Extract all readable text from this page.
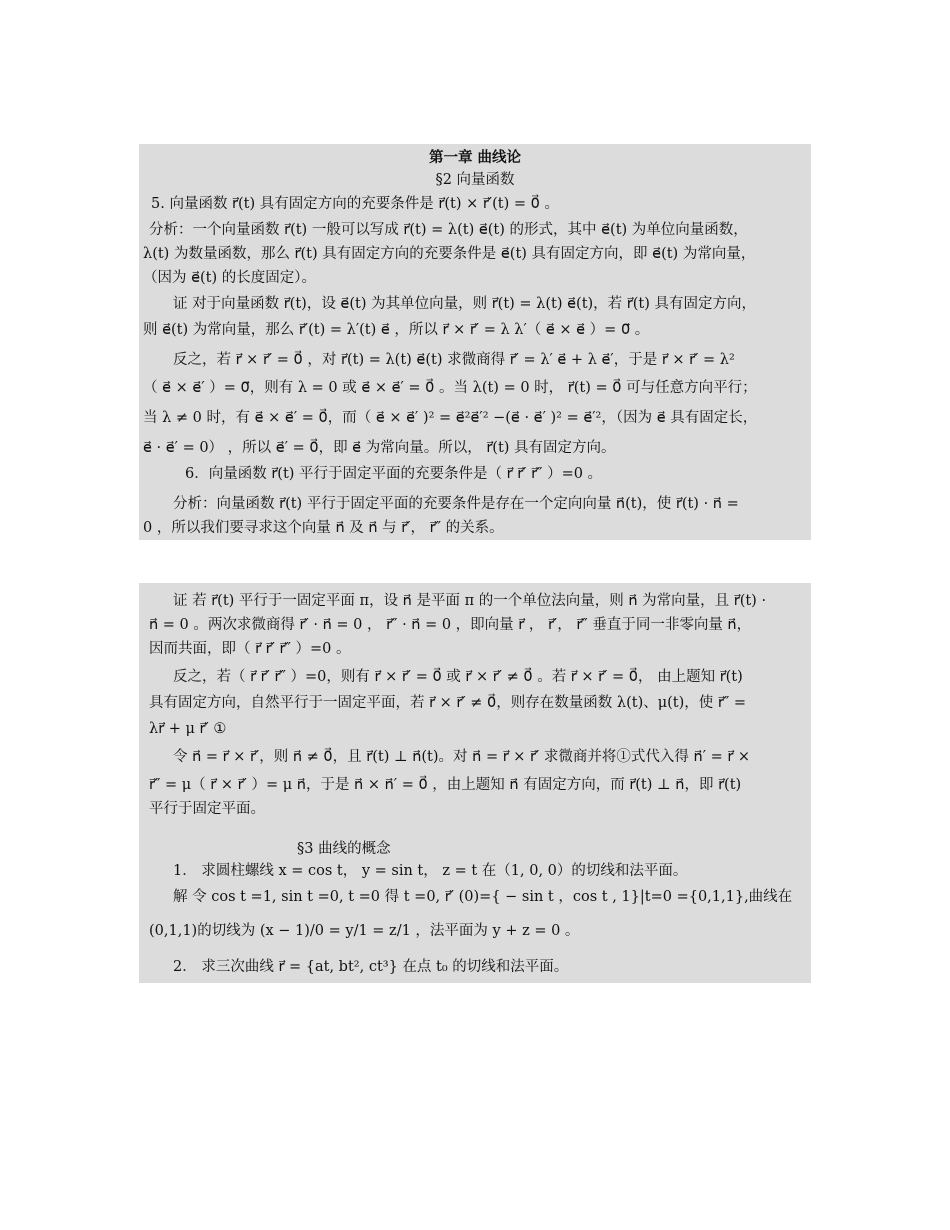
第一章 曲线论
§2 向量函数
5. 向量函数 r⃗(t) 具有固定方向的充要条件是 r⃗(t) × r⃗′(t) = 0⃗ 。
分析：一个向量函数 r⃗(t) 一般可以写成 r⃗(t) = λ(t) e⃗(t) 的形式，其中 e⃗(t) 为单位向量函数，
λ(t) 为数量函数，那么 r⃗(t) 具有固定方向的充要条件是 e⃗(t) 具有固定方向，即 e⃗(t) 为常向量，
（因为 e⃗(t) 的长度固定）。
证 对于向量函数 r⃗(t)，设 e⃗(t) 为其单位向量，则 r⃗(t) = λ(t) e⃗(t)，若 r⃗(t) 具有固定方向，
则 e⃗(t) 为常向量，那么 r⃗′(t) = λ′(t) e⃗ ，所以 r⃗ × r⃗′ = λ λ′（ e⃗ × e⃗ ）= 0⃗ 。
反之，若 r⃗ × r⃗′ = 0⃗ ，对 r⃗(t) = λ(t) e⃗(t) 求微商得 r⃗′ = λ′ e⃗ + λ e⃗′，于是 r⃗ × r⃗′ = λ²
（ e⃗ × e⃗′ ）= 0⃗，则有 λ = 0 或 e⃗ × e⃗′ = 0⃗ 。当 λ(t) = 0 时， r⃗(t) = 0⃗ 可与任意方向平行；
当 λ ≠ 0 时，有 e⃗ × e⃗′ = 0⃗，而（ e⃗ × e⃗′ )² = e⃗²e⃗′² −(e⃗ · e⃗′ )² = e⃗′²，（因为 e⃗ 具有固定长，
e⃗ · e⃗′ = 0） ，所以 e⃗′ = 0⃗，即 e⃗ 为常向量。所以， r⃗(t) 具有固定方向。
6．向量函数 r⃗(t) 平行于固定平面的充要条件是（ r⃗ r⃗′ r⃗″ ）=0 。
分析：向量函数 r⃗(t) 平行于固定平面的充要条件是存在一个定向向量 n⃗(t)，使 r⃗(t) · n⃗ =
0 ，所以我们要寻求这个向量 n⃗ 及 n⃗ 与 r⃗′， r⃗″ 的关系。
证 若 r⃗(t) 平行于一固定平面 π，设 n⃗ 是平面 π 的一个单位法向量，则 n⃗ 为常向量，且 r⃗(t) ·
n⃗ = 0 。两次求微商得 r⃗′ · n⃗ = 0 ， r⃗″ · n⃗ = 0 ，即向量 r⃗ ， r⃗′， r⃗″ 垂直于同一非零向量 n⃗，
因而共面，即（ r⃗ r⃗′ r⃗″ ）=0 。
反之，若（ r⃗ r⃗′ r⃗″ ）=0，则有 r⃗ × r⃗′ = 0⃗ 或 r⃗ × r⃗′ ≠ 0⃗ 。若 r⃗ × r⃗′ = 0⃗， 由上题知 r⃗(t)
具有固定方向，自然平行于一固定平面，若 r⃗ × r⃗′ ≠ 0⃗，则存在数量函数 λ(t)、μ(t)，使 r⃗″ =
λr⃗ + μ r⃗′ ①
令 n⃗ = r⃗ × r⃗′，则 n⃗ ≠ 0⃗，且 r⃗(t) ⊥ n⃗(t)。对 n⃗ = r⃗ × r⃗′ 求微商并将①式代入得 n⃗′ = r⃗ ×
r⃗″ = μ（ r⃗ × r⃗′ ）= μ n⃗，于是 n⃗ × n⃗′ = 0⃗ ，由上题知 n⃗ 有固定方向，而 r⃗(t) ⊥ n⃗，即 r⃗(t)
平行于固定平面。
§3 曲线的概念
1． 求圆柱螺线 x = cos t， y = sin t， z = t 在（1, 0, 0）的切线和法平面。
解 令 cos t =1, sin t =0, t =0 得 t =0, r⃗′ (0)={ − sin t ，cos t , 1}|t=0 ={0,1,1},曲线在
(0,1,1)的切线为 (x − 1)/0 = y/1 = z/1 ，法平面为 y + z = 0 。
2． 求三次曲线 r⃗ = {at, bt², ct³} 在点 t₀ 的切线和法平面。
